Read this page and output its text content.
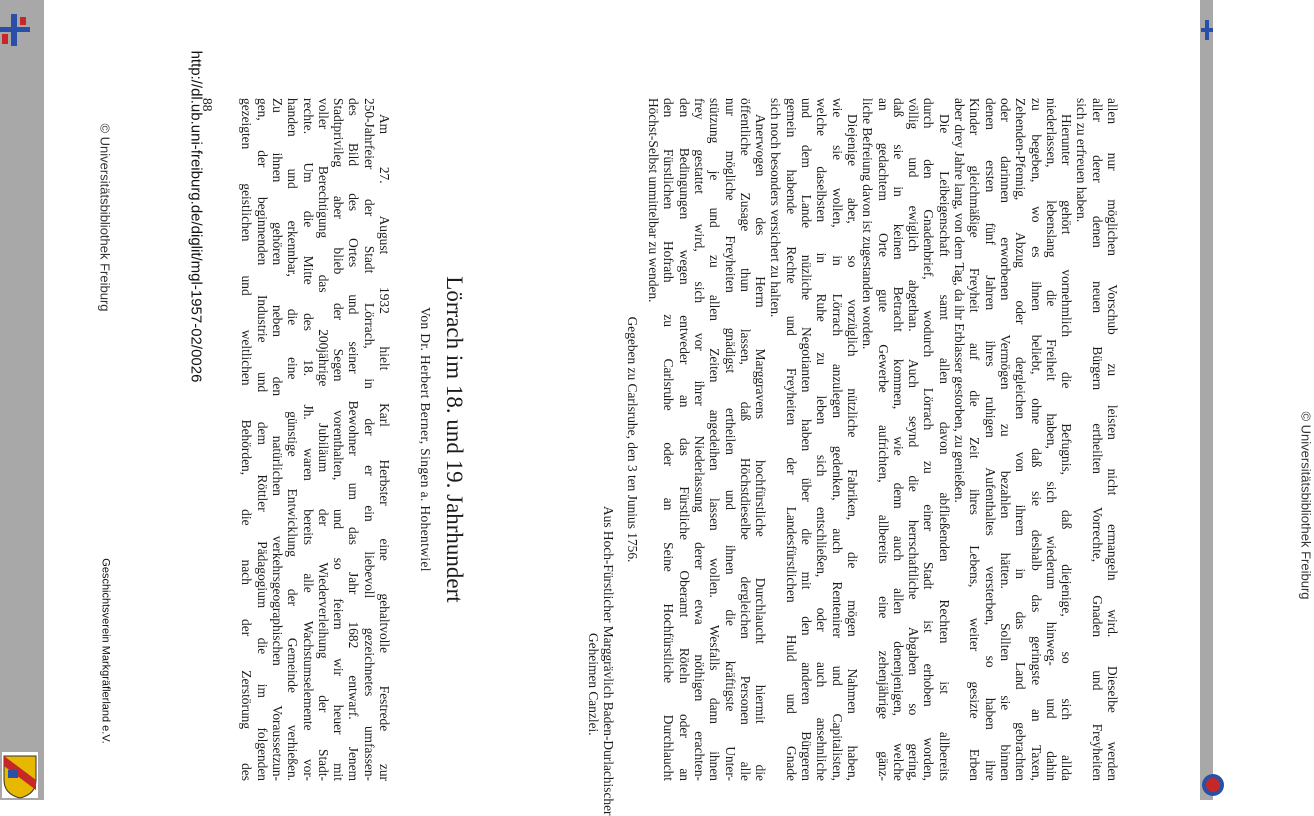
http://dl.ub.uni-freiburg.de/diglit/mgl-1957-02/0026
© Universitätsbibliothek Freiburg
© Universitätsbibliothek Freiburg
Geschichtsverein Markgräflerland e.V.	allen nur möglichen Vorschub zu leisten nicht ermangeln wird. Dieselbe werden
aller derer denen neuen Bürgern ertheilten Vorrechte, Gnaden und Freyheiten
sich zu erfreuen haben.
Hierunter gehört vornehmlich die Befugnis, daß diejenige, so sich allda
niederlassen, lebenslang die Freiheit haben, sich wiederum hinweg- und dahin
zu begeben, wo es ihnen beliebt, ohne daß sie deshalb das geringste an Taxen,
Zehenden-Pfennig, Abzug oder dergleichen von ihrem in das Land gebrachten
oder darinnen erworbenen Vermögen zu bezahlen hätten. Sollten sie binnen
denen ersten fünf Jahren ihres ruhigen Aufenthaltes versterben, so haben ihre
Kinder gleichmäßige Freyheit auf die Zeit ihres Lebens, weiter gesizte Erben
aber drey Jahre lang, von dem Tag, da ihr Erblasser gestorben, zu genießen.
Die Leibeigenschaft samt allen davon abfließenden Rechten ist allbereits
durch den Gnadenbrief, wodurch Lörrach zu einer Stadt ist erhoben worden,
völlig und ewiglich abgethan. Auch seynd die herrschaftliche Abgaben so gering,
daß sie in keinen Betracht kommen, wie denn auch allen denenjenigen, welche
an gedachtem Orte gute Gewerbe aufrichten, allbereits eine zehenjährige gänz-
liche Befreiung davon ist zugestanden worden.
Diejenige aber, so vorzüglich nützliche Fabriken, die mögen Nahmen haben,
wie sie wollen, in Lörrach anzulegen gedenken, auch Rentenirer und Capitalisten,
welche daselbsten in Ruhe zu leben sich entschließen, oder auch ansehnliche
und dem Lande nüzliche Negotianten haben über die mit den anderen Bürgeren
gemein habende Rechte und Freyheiten der Landesfürstlichen Huld und Gnade
sich noch besonders versichert zu halten.
Anerwogen des Herrn Marggravens hochfürstliche Durchlaucht hiermit die
öffentliche Zusage thun lassen, daß Höchstdieselbe dergleichen Personen alle
nur mögliche Freyheiten gnädigst ertheilen und ihnen die kräftigste Unter-
stützung je und zu allen Zeiten angedeihen lassen wollen. Wesfalls dann ihnen
frey gestattet wird, sich vor ihrer Niederlassung derer etwa nöthigen erachten-
den Bedingungen wegen entweder an das Fürstliche Oberamt Röteln oder an
den Fürstlichen Hofrath zu Carlsruhe oder an Seine Hochfürstliche Durchlaucht
Höchst-Selbst unmittelbar zu wenden.
Gegeben zu Carlsruhe, den 3 ten Junius 1756.
Aus Hoch-Fürstlicher Marggrävlich Baden-Durlachischer
Geheimen Canzlei.
Lörrach im 18. und 19. Jahrhundert
Von Dr. Herbert Berner, Singen a. Hohentwiel
Am 27. August 1932 hielt Karl Herbster eine gehaltvolle Festrede zur
250-Jahrfeier der Stadt Lörrach, in der er ein liebevoll gezeichnetes umfassen-
des Bild des Ortes und seiner Bewohner um das Jahr 1682 entwarf. Jenem
Stadtprivileg aber blieb der Segen vorenthalten, und so feiern wir heuer mit
voller Berechtigung das 200jährige Jubiläum der Wiederverleihung der Stadt-
rechte. Um die Mitte des 18. Jh. waren bereits alle Wachstumselemente vor-
handen und erkennbar, die eine günstige Entwicklung der Gemeinde verhießen.
Zu ihnen gehören neben den natürlichen verkehrsgeographischen Voraussetzun-
gen, der beginnenden Industrie und dem Röttler Pädagogium die im folgenden
gezeigten geistlichen und weltlichen Behörden, die nach der Zerstörung des
88
